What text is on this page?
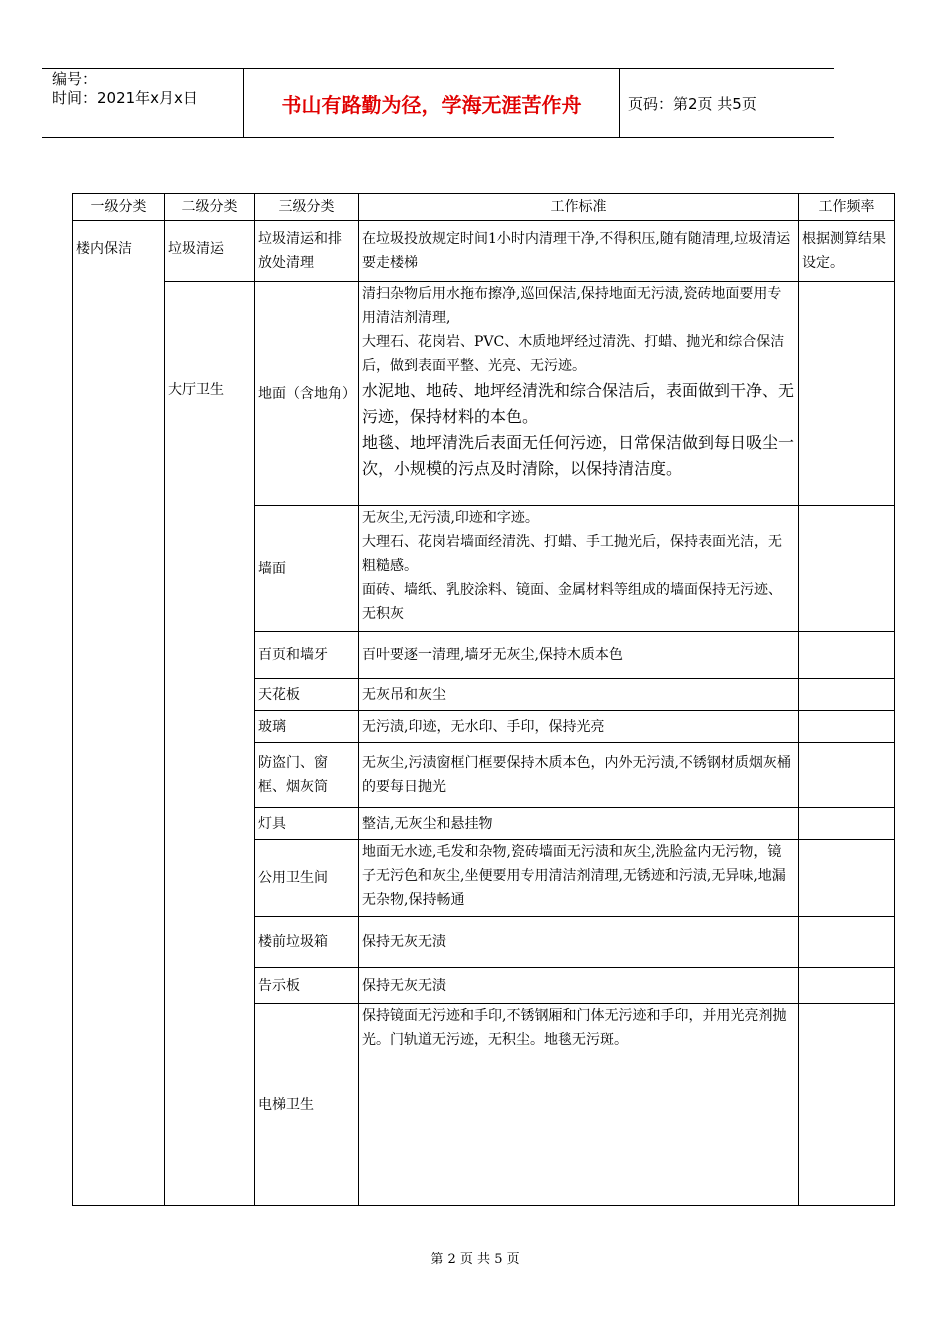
编号：
时间：2021年x月x日	书山有路勤为径，学海无涯苦作舟	页码：第2页 共5页
一级分类	二级分类	三级分类	工作标准	工作频率
楼内保洁	垃圾清运	垃圾清运和排放处清理	在垃圾投放规定时间1小时内清理干净,不得积压,随有随清理,垃圾清运要走楼梯	根据测算结果设定。
	大厅卫生	地面（含地角）	清扫杂物后用水拖布擦净,巡回保洁,保持地面无污渍,瓷砖地面要用专用清洁剂清理,
大理石、花岗岩、PVC、木质地坪经过清洗、打蜡、抛光和综合保洁后，做到表面平整、光亮、无污迹。
水泥地、地砖、地坪经清洗和综合保洁后，表面做到干净、无污迹，保持材料的本色。
地毯、地坪清洗后表面无任何污迹，日常保洁做到每日吸尘一次，小规模的污点及时清除，以保持清洁度。	

		墙面	无灰尘,无污渍,印迹和字迹。
大理石、花岗岩墙面经清洗、打蜡、手工抛光后，保持表面光洁，无粗糙感。
面砖、墙纸、乳胶涂料、镜面、金属材料等组成的墙面保持无污迹、无积灰	

		百页和墙牙	百叶要逐一清理,墙牙无灰尘,保持木质本色	
		天花板	无灰吊和灰尘	
		玻璃	无污渍,印迹，无水印、手印，保持光亮	
		防盗门、窗框、烟灰筒	无灰尘,污渍窗框门框要保持木质本色，内外无污渍,不锈钢材质烟灰桶的要每日抛光	
		灯具	整洁,无灰尘和悬挂物	
		公用卫生间	地面无水迹,毛发和杂物,瓷砖墙面无污渍和灰尘,洗脸盆内无污物，镜子无污色和灰尘,坐便要用专用清洁剂清理,无锈迹和污渍,无异味,地漏无杂物,保持畅通	
		楼前垃圾箱	保持无灰无渍	
		告示板	保持无灰无渍	
		电梯卫生	保持镜面无污迹和手印,不锈钢厢和门体无污迹和手印，并用光亮剂抛光。门轨道无污迹，无积尘。地毯无污斑。	
第 2 页 共 5 页
